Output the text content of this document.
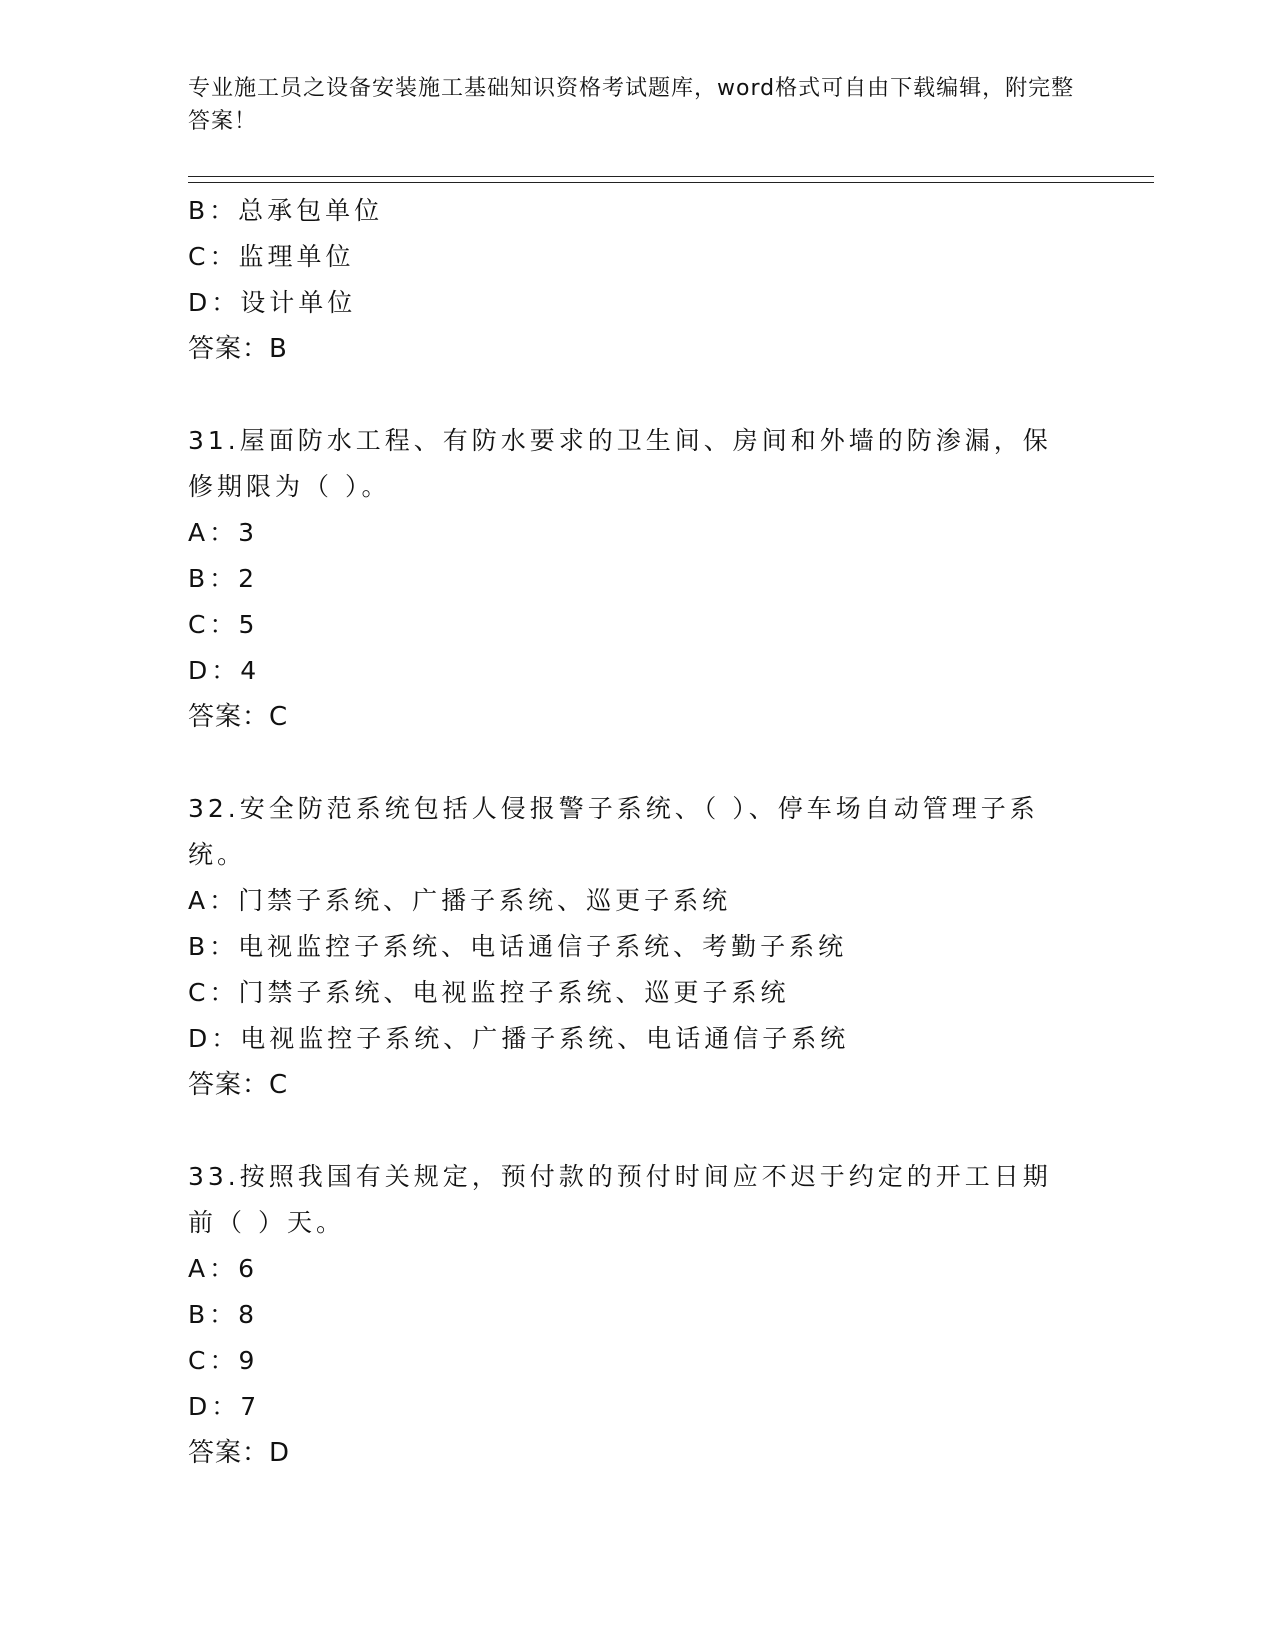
专业施工员之设备安装施工基础知识资格考试题库，word格式可自由下载编辑，附完整答案！
B：总承包单位
C：监理单位
D：设计单位
答案：B
31.屋面防水工程、有防水要求的卫生间、房间和外墙的防渗漏，保修期限为（ ）。
A：3
B：2
C：5
D：4
答案：C
32.安全防范系统包括人侵报警子系统、（ ）、停车场自动管理子系统。
A：门禁子系统、广播子系统、巡更子系统
B：电视监控子系统、电话通信子系统、考勤子系统
C：门禁子系统、电视监控子系统、巡更子系统
D：电视监控子系统、广播子系统、电话通信子系统
答案：C
33.按照我国有关规定，预付款的预付时间应不迟于约定的开工日期前（ ）天。
A：6
B：8
C：9
D：7
答案：D
